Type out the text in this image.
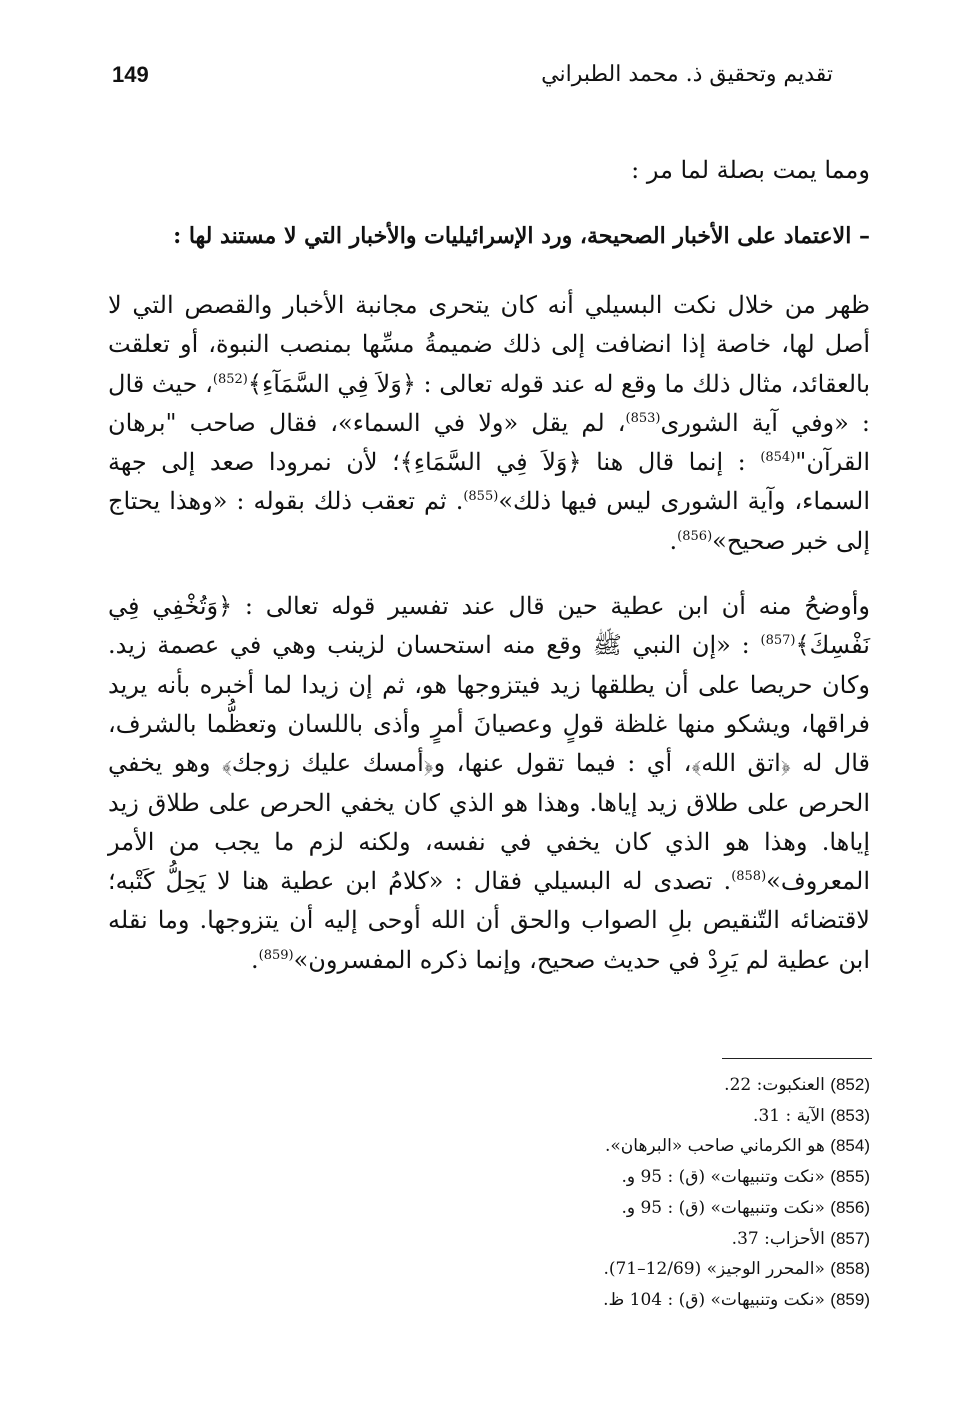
149	تقديم وتحقيق ذ. محمد الطبراني

ومما يمت بصلة لما مر :

– الاعتماد على الأخبار الصحيحة، ورد الإسرائيليات والأخبار التي لا مستند لها :

ظهر من خلال نكت البسيلي أنه كان يتحرى مجانبة الأخبار والقصص التي لا أصل لها، خاصة إذا انضافت إلى ذلك ضميمةُ مسِّها بمنصب النبوة، أو تعلقت بالعقائد، مثال ذلك ما وقع له عند قوله تعالى : ﴿وَلاَ فِي السَّمَآءِ﴾$^{(852)}$، حيث قال : «وفي آية الشورى$^{(853)}$، لم يقل «ولا في السماء»، فقال صاحب "برهان القرآن"$^{(854)}$ : إنما قال هنا ﴿وَلاَ فِي السَّمَاءِ﴾؛ لأن نمرودا صعد إلى جهة السماء، وآية الشورى ليس فيها ذلك»$^{(855)}$. ثم تعقب ذلك بقوله : «وهذا يحتاج إلى خبر صحيح»$^{(856)}$.

وأوضحُ منه أن ابن عطية حين قال عند تفسير قوله تعالى : ﴿وَتُخْفِي فِي نَفْسِكَ﴾$^{(857)}$ : «إن النبي ﷺ وقع منه استحسان لزينب وهي في عصمة زيد. وكان حريصا على أن يطلقها زيد فيتزوجها هو، ثم إن زيدا لما أخبره بأنه يريد فراقها، ويشكو منها غلظة قولٍ وعصيانَ أمرٍ وأذى باللسان وتعظُّما بالشرف، قال له ﴿اتق الله﴾، أي : فيما تقول عنها، و﴿أمسك عليك زوجك﴾ وهو يخفي الحرص على طلاق زيد إياها. وهذا هو الذي كان يخفي الحرص على طلاق زيد إياها. وهذا هو الذي كان يخفي في نفسه، ولكنه لزم ما يجب من الأمر المعروف»$^{(858)}$. تصدى له البسيلي فقال : «كلامُ ابن عطية هنا لا يَحِلُّ كَتْبه؛ لاقتضائه التّنقيص بلِ الصواب والحق أن الله أوحى إليه أن يتزوجها. وما نقله ابن عطية لم يَرِدْ في حديث صحيح، وإنما ذكره المفسرون»$^{(859)}$.

(852) العنكبوت: 22.

(853) الآية : 31.

(854) هو الكرماني صاحب «البرهان».

(855) «نكت وتنبيهات» (ق) : 95 و.

(856) «نكت وتنبيهات» (ق) : 95 و.

(857) الأحزاب: 37.

(858) «المحرر الوجيز» (12/69–71).

(859) «نكت وتنبيهات» (ق) : 104 ظ.
